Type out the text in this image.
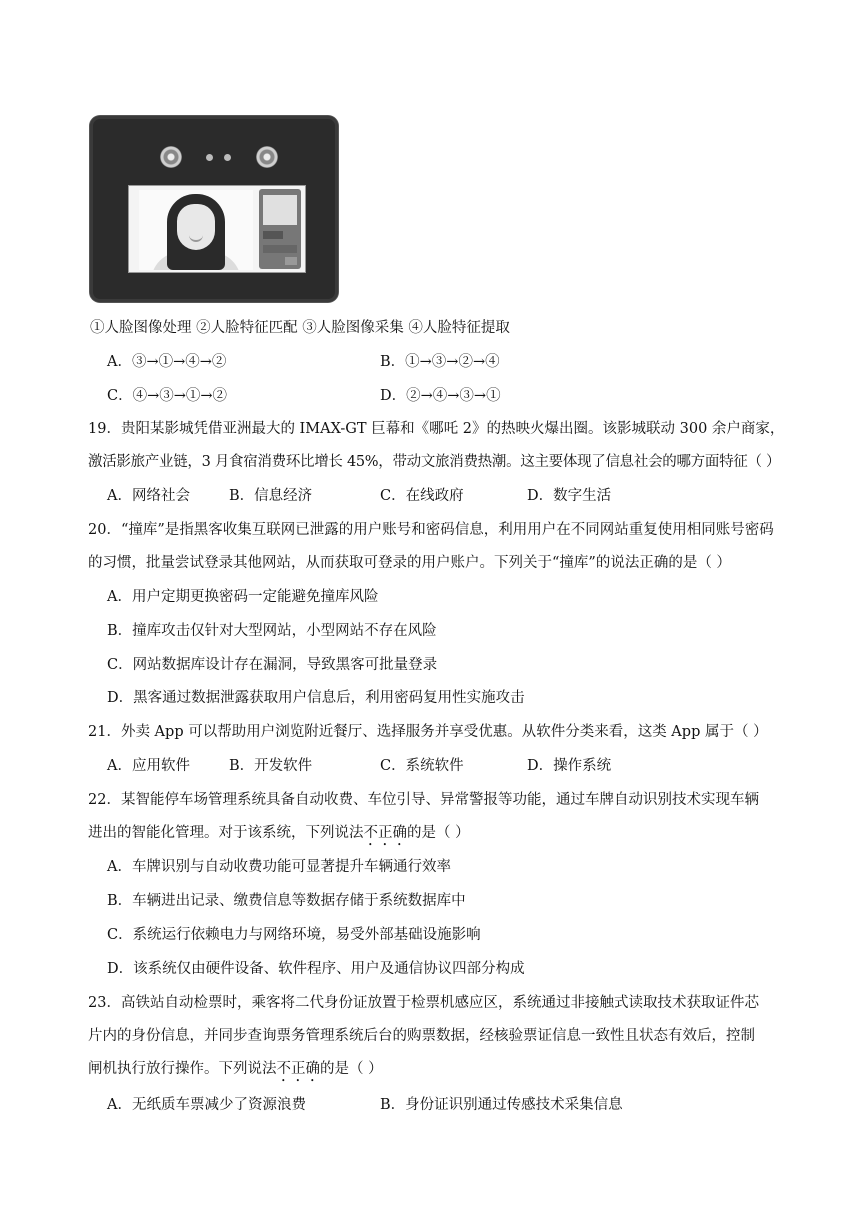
①人脸图像处理 ②人脸特征匹配 ③人脸图像采集 ④人脸特征提取
A．③→①→④→②	B．①→③→②→④
C．④→③→①→②	D．②→④→③→①
19．贵阳某影城凭借亚洲最大的 IMAX-GT 巨幕和《哪吒 2》的热映火爆出圈。该影城联动 300 余户商家，
激活影旅产业链，3 月食宿消费环比增长 45%，带动文旅消费热潮。这主要体现了信息社会的哪方面特征（ ）
A．网络社会	B．信息经济	C．在线政府	D．数字生活
20．“撞库”是指黑客收集互联网已泄露的用户账号和密码信息，利用用户在不同网站重复使用相同账号密码
的习惯，批量尝试登录其他网站，从而获取可登录的用户账户。下列关于“撞库”的说法正确的是（ ）
A．用户定期更换密码一定能避免撞库风险
B．撞库攻击仅针对大型网站，小型网站不存在风险
C．网站数据库设计存在漏洞，导致黑客可批量登录
D．黑客通过数据泄露获取用户信息后，利用密码复用性实施攻击
21．外卖 App 可以帮助用户浏览附近餐厅、选择服务并享受优惠。从软件分类来看，这类 App 属于（ ）
A．应用软件	B．开发软件	C．系统软件	D．操作系统
22．某智能停车场管理系统具备自动收费、车位引导、异常警报等功能，通过车牌自动识别技术实现车辆
进出的智能化管理。对于该系统，下列说法不正确的是（ ）
A．车牌识别与自动收费功能可显著提升车辆通行效率
B．车辆进出记录、缴费信息等数据存储于系统数据库中
C．系统运行依赖电力与网络环境，易受外部基础设施影响
D．该系统仅由硬件设备、软件程序、用户及通信协议四部分构成
23．高铁站自动检票时，乘客将二代身份证放置于检票机感应区，系统通过非接触式读取技术获取证件芯
片内的身份信息，并同步查询票务管理系统后台的购票数据，经核验票证信息一致性且状态有效后，控制
闸机执行放行操作。下列说法不正确的是（ ）
A．无纸质车票减少了资源浪费	B．身份证识别通过传感技术采集信息
